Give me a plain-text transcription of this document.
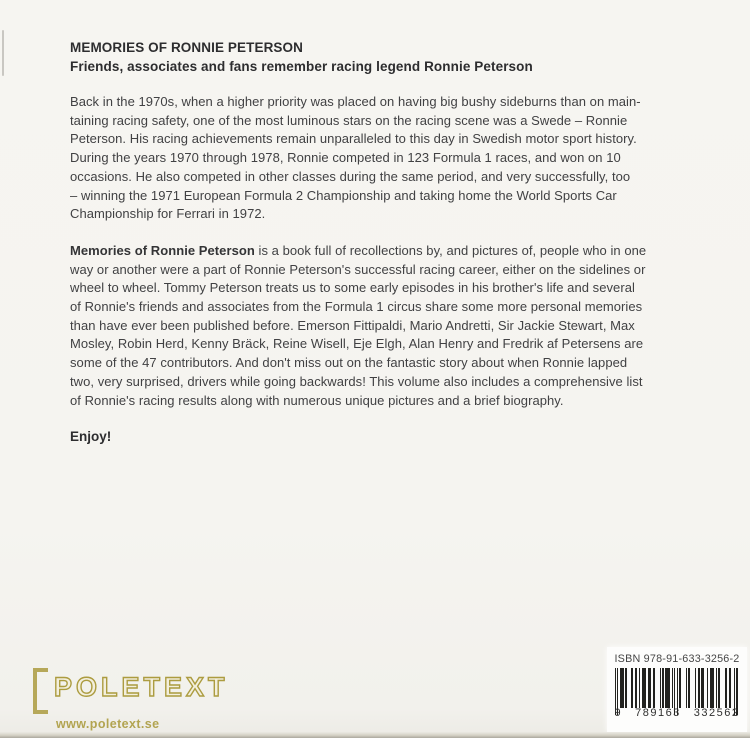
MEMORIES OF RONNIE PETERSON
Friends, associates and fans remember racing legend Ronnie Peterson
Back in the 1970s, when a higher priority was placed on having big bushy sideburns than on main-
taining racing safety, one of the most luminous stars on the racing scene was a Swede – Ronnie
Peterson. His racing achievements remain unparalleled to this day in Swedish motor sport history.
During the years 1970 through 1978, Ronnie competed in 123 Formula 1 races, and won on 10
occasions. He also competed in other classes during the same period, and very successfully, too
– winning the 1971 European Formula 2 Championship and taking home the World Sports Car
Championship for Ferrari in 1972.
Memories of Ronnie Peterson is a book full of recollections by, and pictures of, people who in one
way or another were a part of Ronnie Peterson's successful racing career, either on the sidelines or
wheel to wheel. Tommy Peterson treats us to some early episodes in his brother's life and several
of Ronnie's friends and associates from the Formula 1 circus share some more personal memories
than have ever been published before. Emerson Fittipaldi, Mario Andretti, Sir Jackie Stewart, Max
Mosley, Robin Herd, Kenny Bräck, Reine Wisell, Eje Elgh, Alan Henry and Fredrik af Petersens are
some of the 47 contributors. And don't miss out on the fantastic story about when Ronnie lapped
two, very surprised, drivers while going backwards! This volume also includes a comprehensive list
of Ronnie's racing results along with numerous unique pictures and a brief biography.
Enjoy!
POLETEXT
www.poletext.se
ISBN 978-91-633-3256-2
9 789163 332562
